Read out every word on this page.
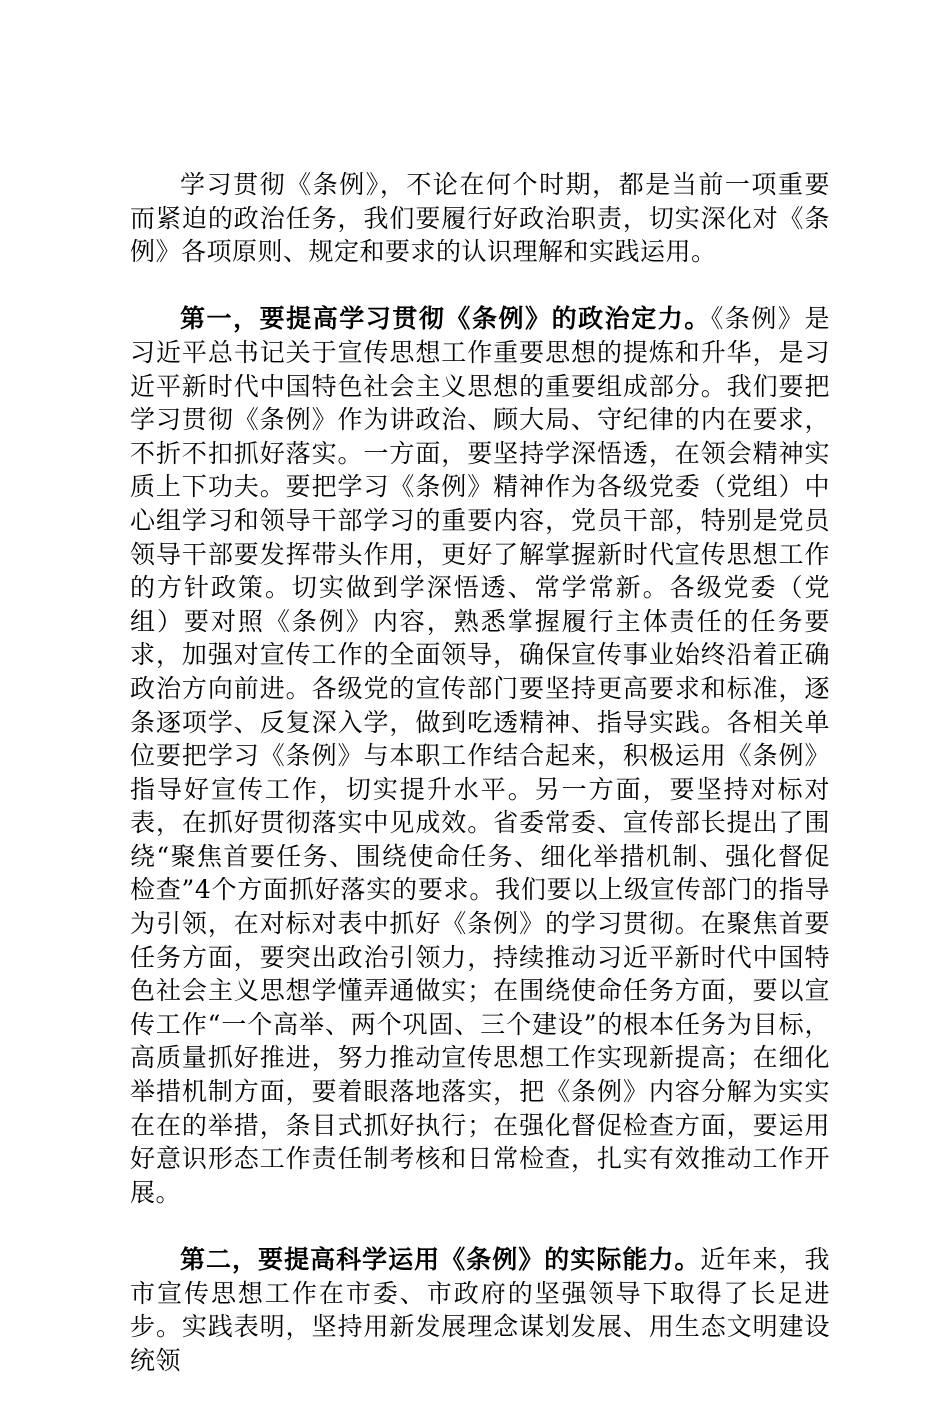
学习贯彻《条例》，不论在何个时期，都是当前一项重要而紧迫的政治任务，我们要履行好政治职责，切实深化对《条例》各项原则、规定和要求的认识理解和实践运用。

第一，要提高学习贯彻《条例》的政治定力。《条例》是习近平总书记关于宣传思想工作重要思想的提炼和升华，是习近平新时代中国特色社会主义思想的重要组成部分。我们要把学习贯彻《条例》作为讲政治、顾大局、守纪律的内在要求，不折不扣抓好落实。一方面，要坚持学深悟透，在领会精神实质上下功夫。要把学习《条例》精神作为各级党委（党组）中心组学习和领导干部学习的重要内容，党员干部，特别是党员领导干部要发挥带头作用，更好了解掌握新时代宣传思想工作的方针政策。切实做到学深悟透、常学常新。各级党委（党组）要对照《条例》内容，熟悉掌握履行主体责任的任务要求，加强对宣传工作的全面领导，确保宣传事业始终沿着正确政治方向前进。各级党的宣传部门要坚持更高要求和标准，逐条逐项学、反复深入学，做到吃透精神、指导实践。各相关单位要把学习《条例》与本职工作结合起来，积极运用《条例》指导好宣传工作，切实提升水平。另一方面，要坚持对标对表，在抓好贯彻落实中见成效。省委常委、宣传部长提出了围绕“聚焦首要任务、围绕使命任务、细化举措机制、强化督促检查”4个方面抓好落实的要求。我们要以上级宣传部门的指导为引领，在对标对表中抓好《条例》的学习贯彻。在聚焦首要任务方面，要突出政治引领力，持续推动习近平新时代中国特色社会主义思想学懂弄通做实；在围绕使命任务方面，要以宣传工作“一个高举、两个巩固、三个建设”的根本任务为目标，高质量抓好推进，努力推动宣传思想工作实现新提高；在细化举措机制方面，要着眼落地落实，把《条例》内容分解为实实在在的举措，条目式抓好执行；在强化督促检查方面，要运用好意识形态工作责任制考核和日常检查，扎实有效推动工作开展。

第二，要提高科学运用《条例》的实际能力。近年来，我市宣传思想工作在市委、市政府的坚强领导下取得了长足进步。实践表明，坚持用新发展理念谋划发展、用生态文明建设统领
